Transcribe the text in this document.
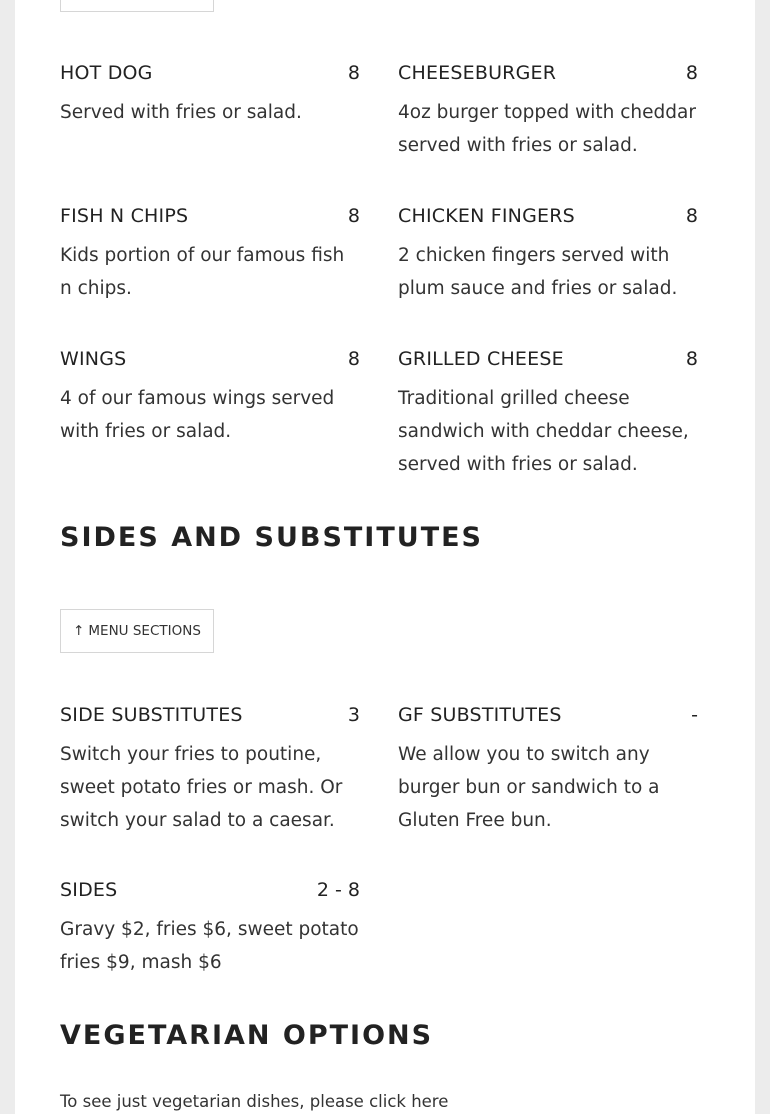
HOT DOG	8
Served with fries or salad.
CHEESEBURGER	8
4oz burger topped with cheddar served with fries or salad.
FISH N CHIPS	8
Kids portion of our famous fish n chips.
CHICKEN FINGERS	8
2 chicken fingers served with plum sauce and fries or salad.
WINGS	8
4 of our famous wings served with fries or salad.
GRILLED CHEESE	8
Traditional grilled cheese sandwich with cheddar cheese, served with fries or salad.
SIDES AND SUBSTITUTES
↑ MENU SECTIONS
SIDE SUBSTITUTES	3
Switch your fries to poutine, sweet potato fries or mash. Or switch your salad to a caesar.
GF SUBSTITUTES	-
We allow you to switch any burger bun or sandwich to a Gluten Free bun.
SIDES	2 - 8
Gravy $2, fries $6, sweet potato fries $9, mash $6
VEGETARIAN OPTIONS
To see just vegetarian dishes, please click here
